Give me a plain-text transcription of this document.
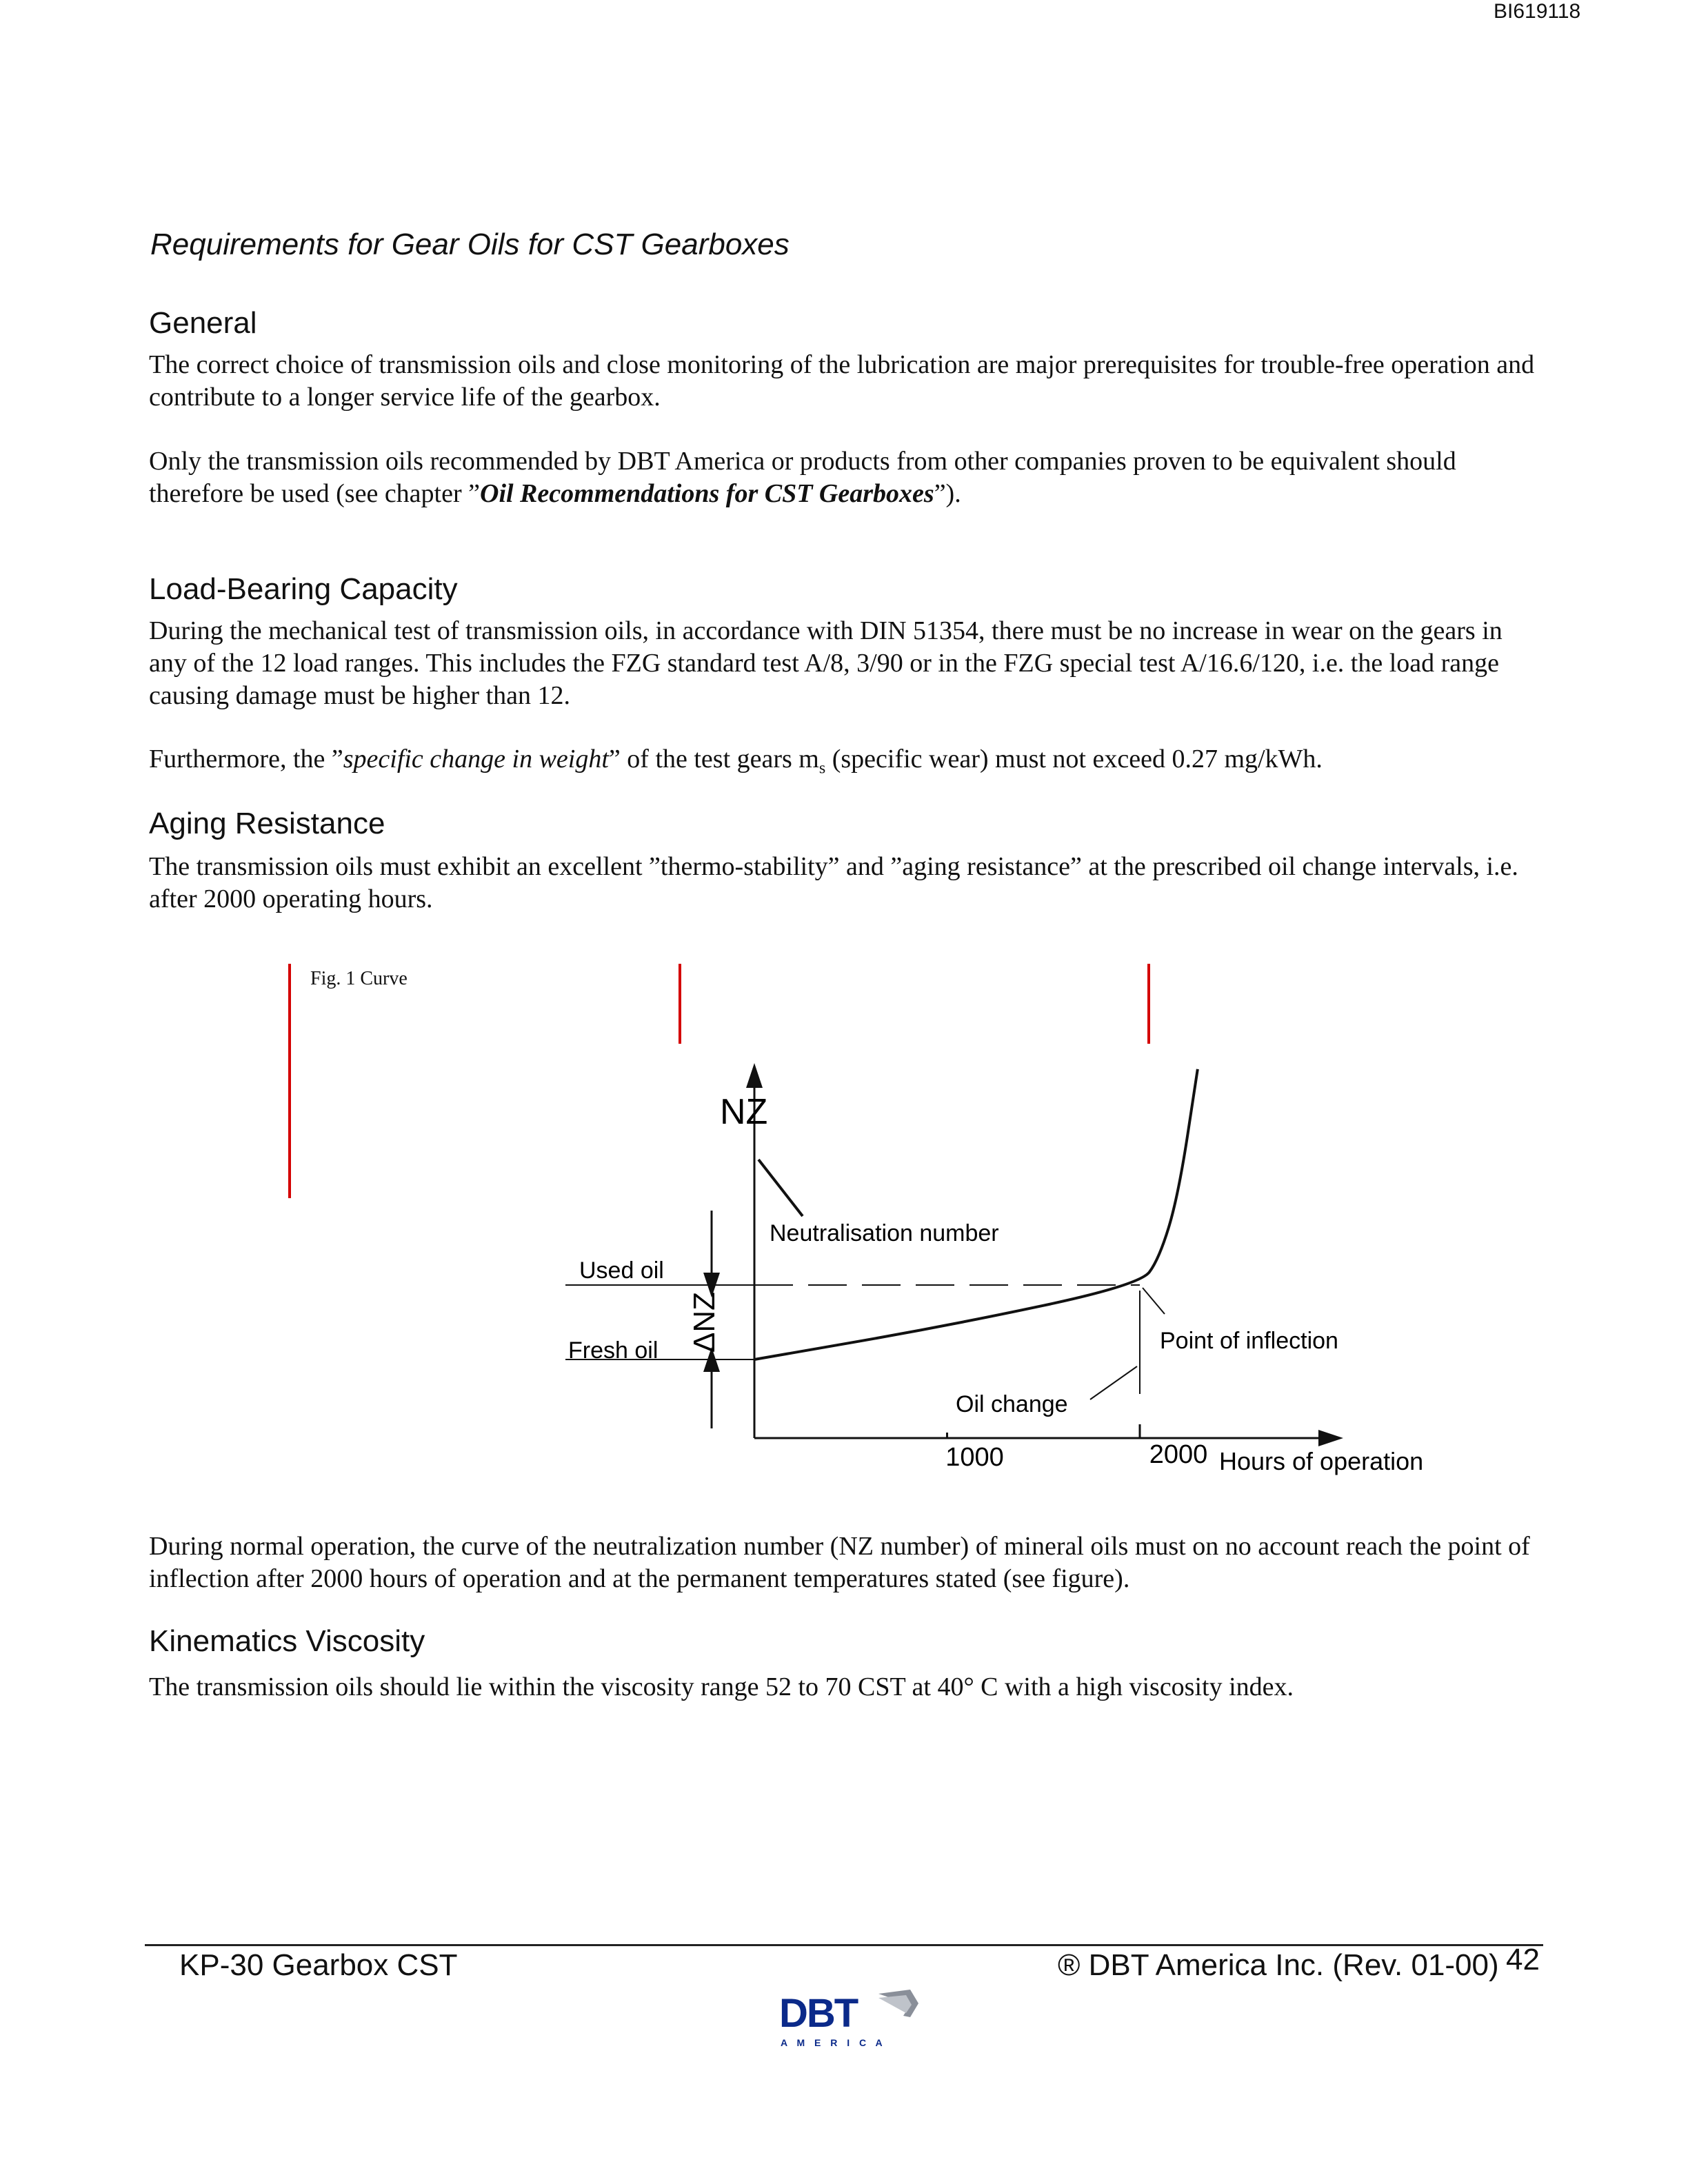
BI619118
Requirements for Gear Oils for CST Gearboxes
General
The correct choice of transmission oils and close monitoring of the lubrication are major prerequisites for trouble-free operation and contribute to a longer service life of the gearbox.
Only the transmission oils recommended by DBT America or products from other companies proven to be equivalent should therefore be used (see chapter ”Oil Recommendations for CST Gearboxes”).
Load-Bearing Capacity
During the mechanical test of transmission oils, in accordance with DIN 51354, there must be no increase in wear on the gears in any of the 12 load ranges. This includes the FZG standard test A/8, 3/90 or in the FZG special test A/16.6/120, i.e. the load range causing damage must be higher than 12.
Furthermore, the ”specific change in weight” of the test gears $m_s$ (specific wear) must not exceed 0.27 mg/kWh.
Aging Resistance
The transmission oils must exhibit an excellent ”thermo-stability” and ”aging resistance” at the prescribed oil change intervals, i.e. after 2000 operating hours.
Fig. 1 Curve
1000	2000
NZ
Hours of operation
Neutralisation number
Used oil
Fresh oil ΔNZ	Point of inflection
Oil change
During normal operation, the curve of the neutralization number (NZ number) of mineral oils must on no account reach the point of inflection after 2000 hours of operation and at the permanent temperatures stated (see figure).
Kinematics Viscosity
The transmission oils should lie within the viscosity range 52 to 70 CST at 40° C with a high viscosity index.
KP-30 Gearbox CST	® DBT America Inc. (Rev. 01-00) 42
DBT
A M E R I C A
